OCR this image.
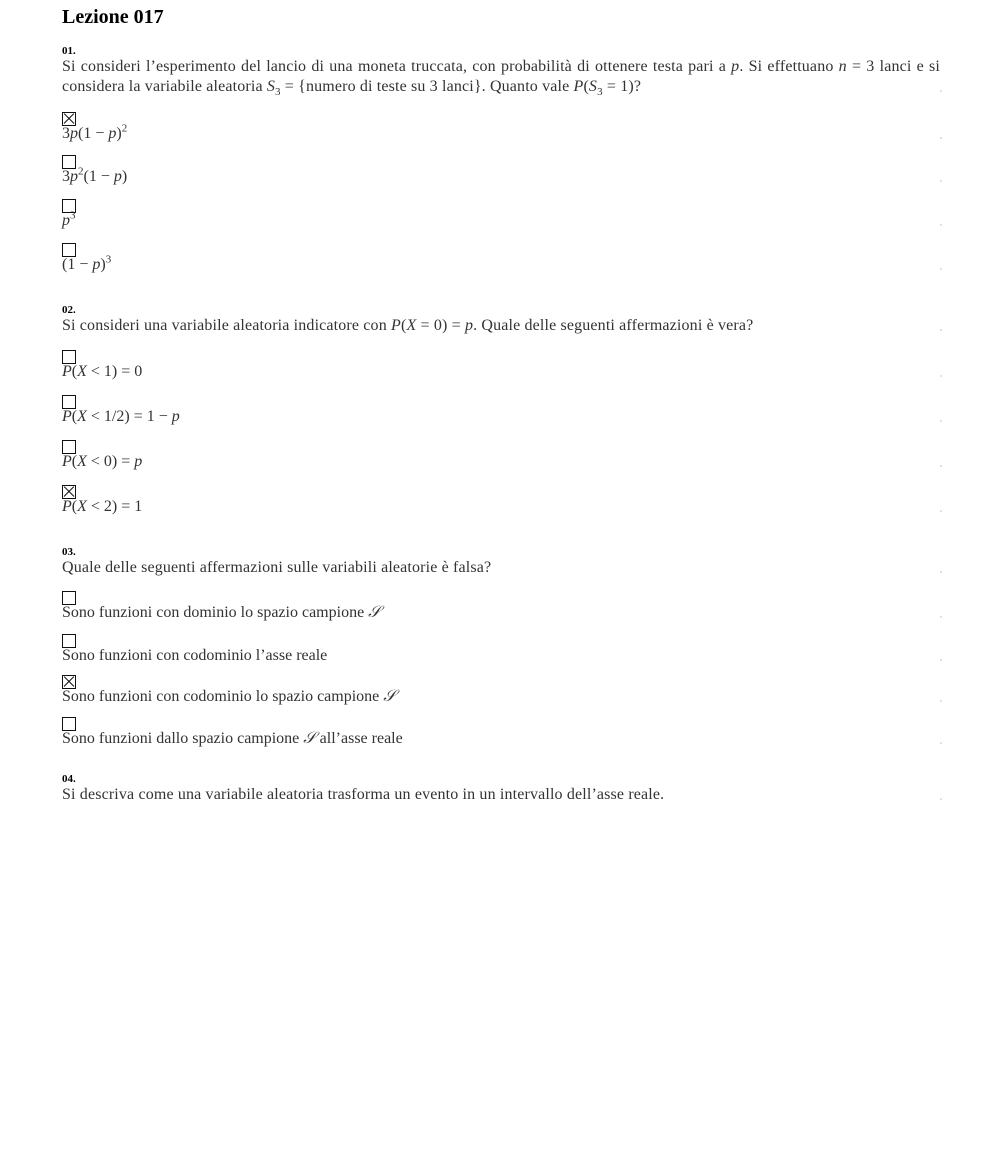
Lezione 017
01.
Si consideri l’esperimento del lancio di una moneta truccata, con probabilità di ottenere testa pari a p. Si effettuano n = 3 lanci e si considera la variabile aleatoria $S_3$ = {numero di teste su 3 lanci}. Quanto vale $P(S_3 = 1)$?
$3p(1 - p)^2$
$3p^2(1 - p)$
$p^3$
$(1 - p)^3$
02.
Si consideri una variabile aleatoria indicatore con P(X = 0) = p. Quale delle seguenti affermazioni è vera?
P(X < 1) = 0
P(X < 1/2) = 1 − p
P(X < 0) = p
P(X < 2) = 1
03.
Quale delle seguenti affermazioni sulle variabili aleatorie è falsa?
Sono funzioni con dominio lo spazio campione 𝒮
Sono funzioni con codominio l’asse reale
Sono funzioni con codominio lo spazio campione 𝒮
Sono funzioni dallo spazio campione 𝒮 all’asse reale
04.
Si descriva come una variabile aleatoria trasforma un evento in un intervallo dell’asse reale.
